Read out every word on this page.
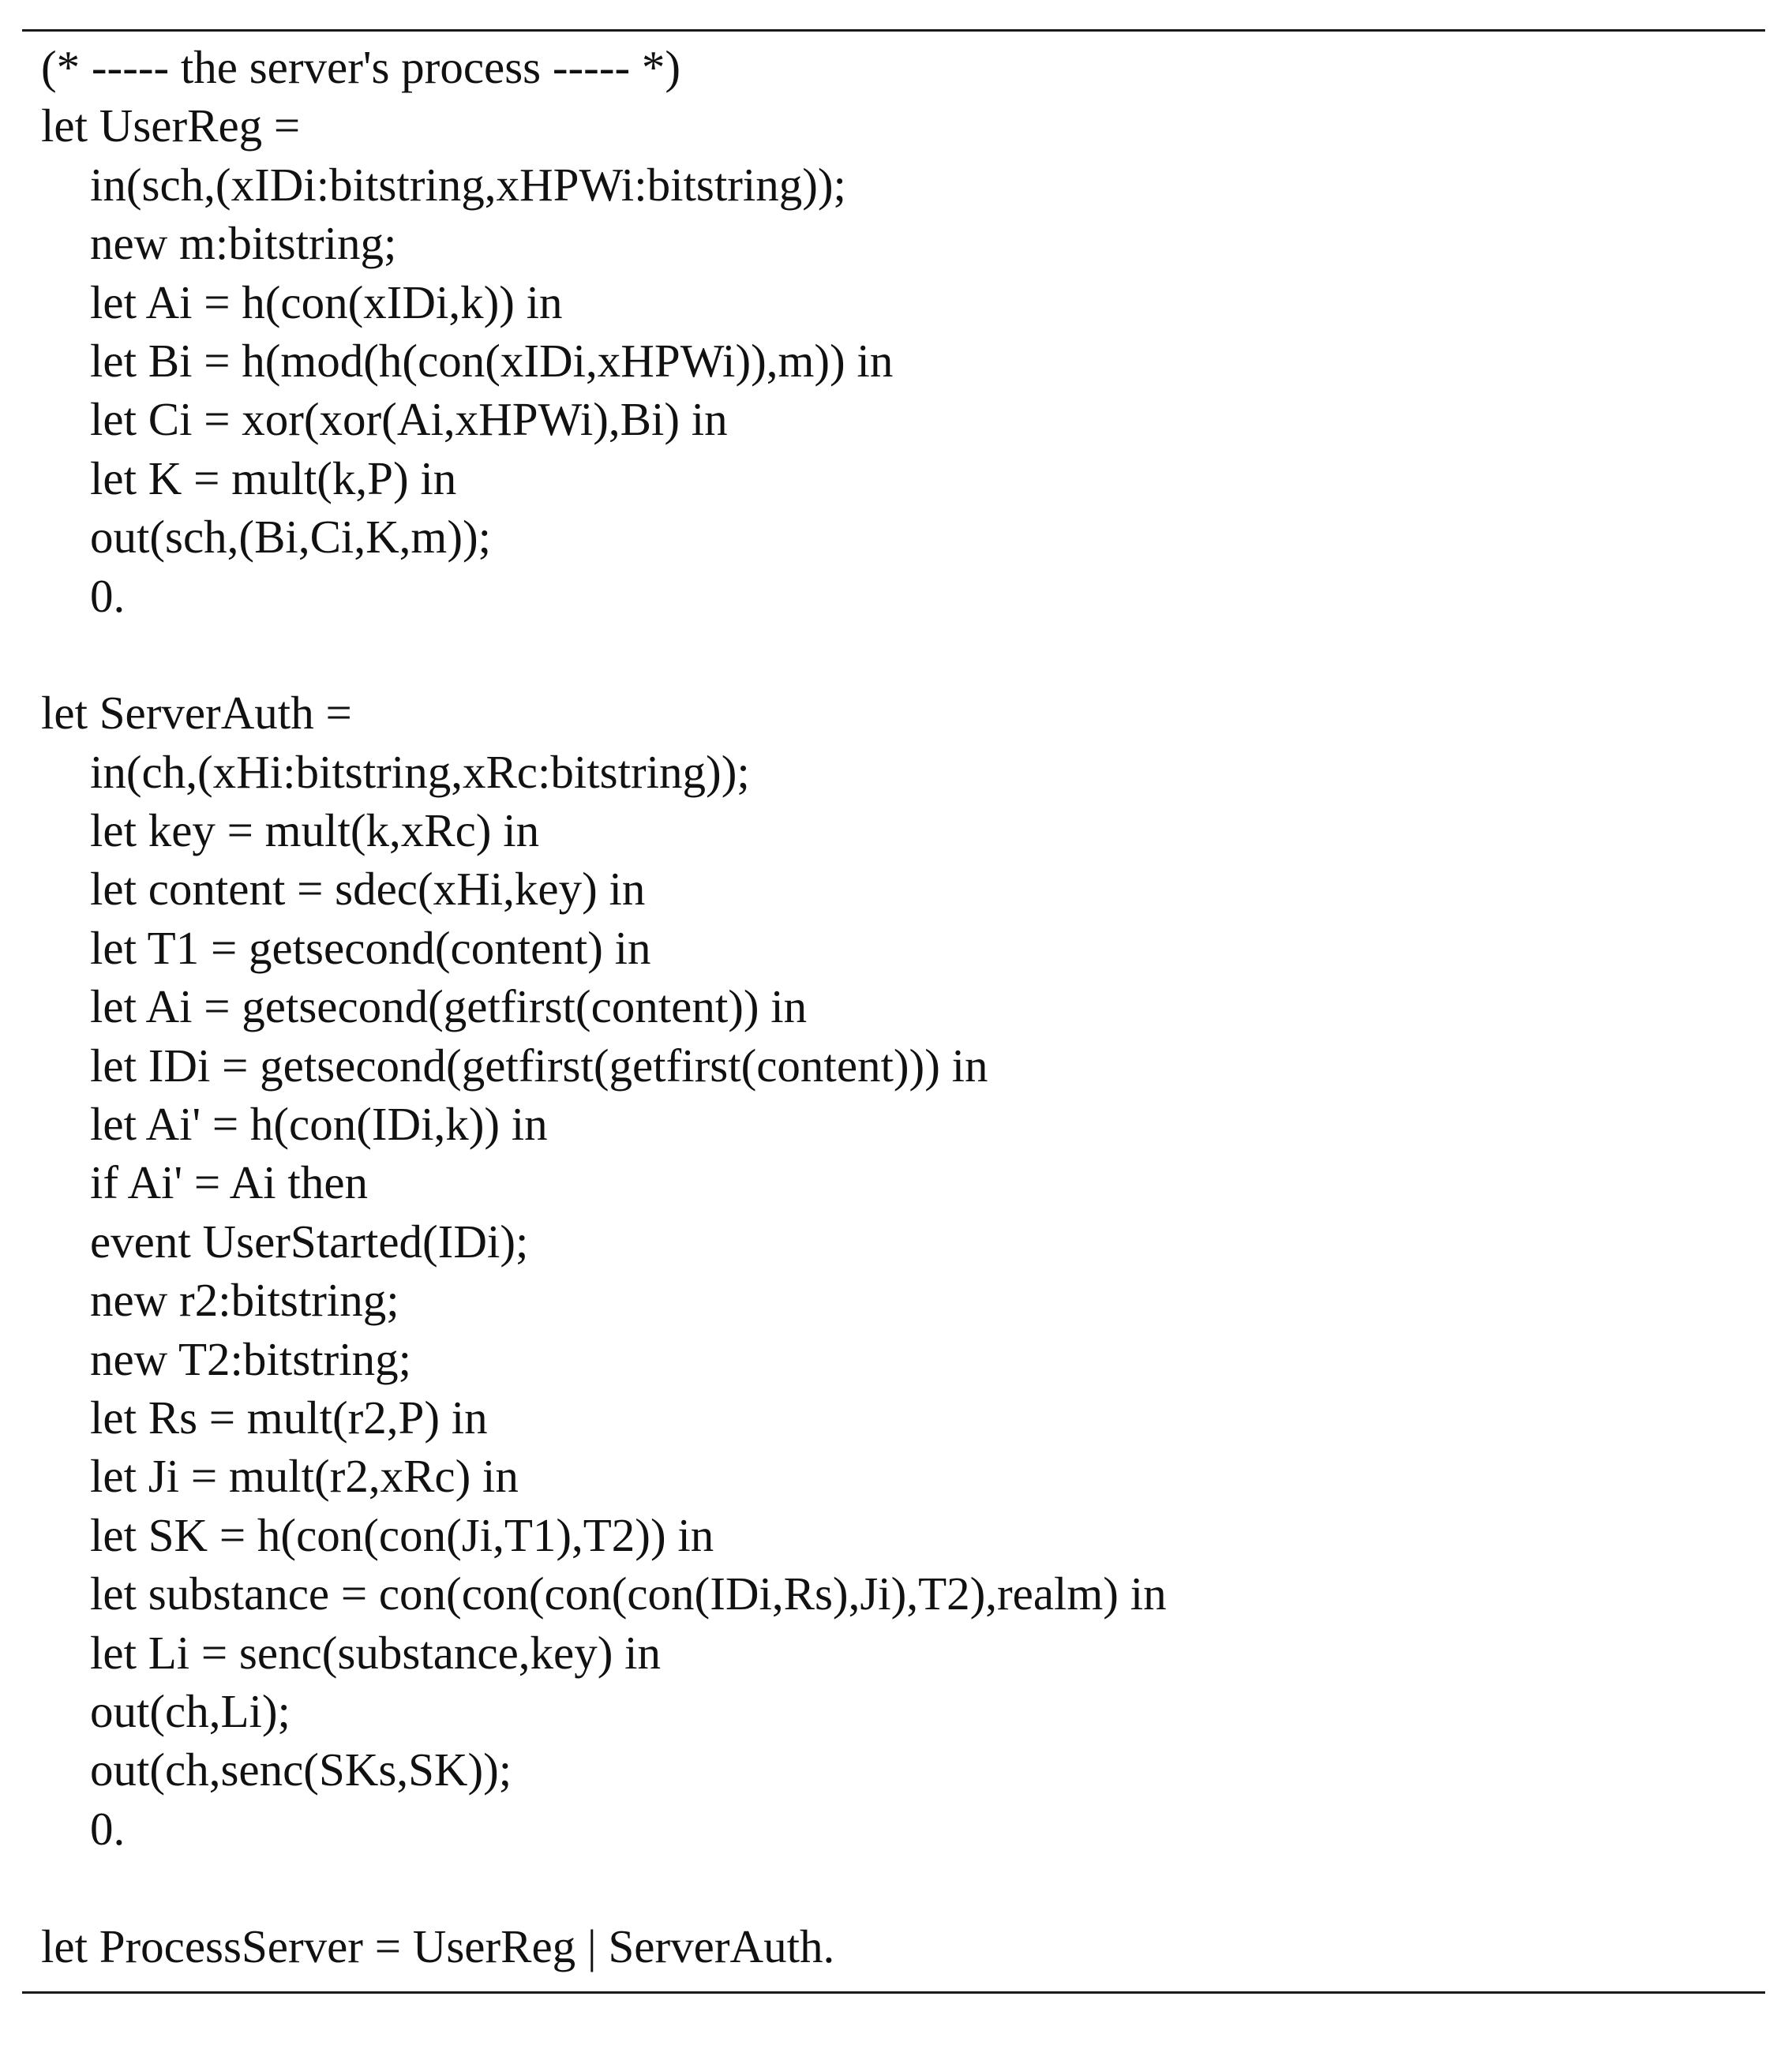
(* ----- the server's process ----- *)
let UserReg =
in(sch,(xIDi:bitstring,xHPWi:bitstring));
new m:bitstring;
let Ai = h(con(xIDi,k)) in
let Bi = h(mod(h(con(xIDi,xHPWi)),m)) in
let Ci = xor(xor(Ai,xHPWi),Bi) in
let K = mult(k,P) in
out(sch,(Bi,Ci,K,m));
0.
let ServerAuth =
in(ch,(xHi:bitstring,xRc:bitstring));
let key = mult(k,xRc) in
let content = sdec(xHi,key) in
let T1 = getsecond(content) in
let Ai = getsecond(getfirst(content)) in
let IDi = getsecond(getfirst(getfirst(content))) in
let Ai' = h(con(IDi,k)) in
if Ai' = Ai then
event UserStarted(IDi);
new r2:bitstring;
new T2:bitstring;
let Rs = mult(r2,P) in
let Ji = mult(r2,xRc) in
let SK = h(con(con(Ji,T1),T2)) in
let substance = con(con(con(con(IDi,Rs),Ji),T2),realm) in
let Li = senc(substance,key) in
out(ch,Li);
out(ch,senc(SKs,SK));
0.
let ProcessServer = UserReg | ServerAuth.
